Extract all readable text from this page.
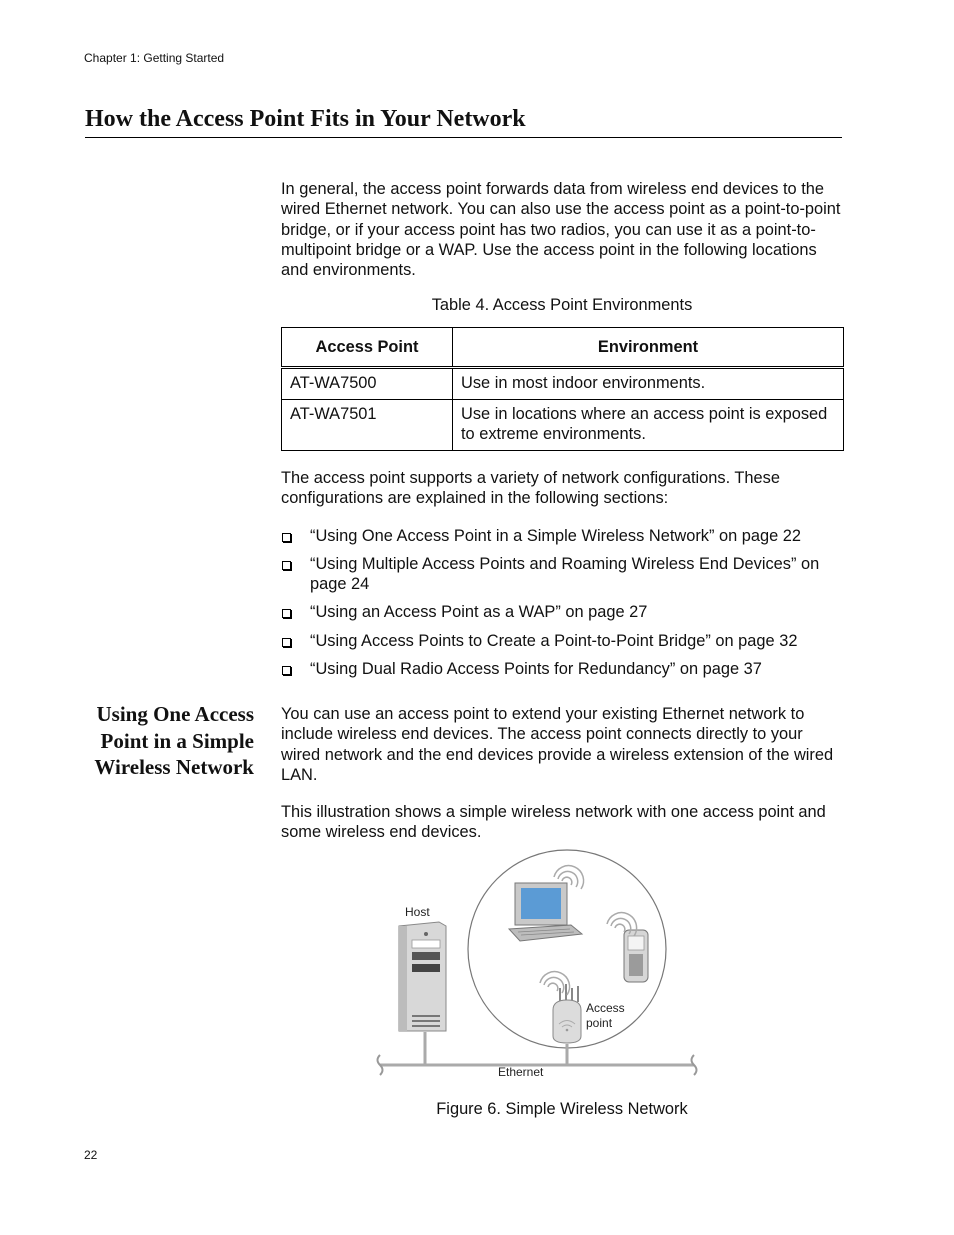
Chapter 1: Getting Started
How the Access Point Fits in Your Network

In general, the access point forwards data from wireless end devices to the wired Ethernet network. You can also use the access point as a point-to-point bridge, or if your access point has two radios, you can use it as a point-to-multipoint bridge or a WAP. Use the access point in the following locations and environments.

Table 4. Access Point Environments
Access Point	Environment
AT-WA7500	Use in most indoor environments.
AT-WA7501	Use in locations where an access point is exposed to extreme environments.

The access point supports a variety of network configurations. These configurations are explained in the following sections:

“Using One Access Point in a Simple Wireless Network” on page 22
“Using Multiple Access Points and Roaming Wireless End Devices” on page 24
“Using an Access Point as a WAP” on page 27
“Using Access Points to Create a Point-to-Point Bridge” on page 32
“Using Dual Radio Access Points for Redundancy” on page 37
Using One Access Point in a Simple Wireless Network

You can use an access point to extend your existing Ethernet network to include wireless end devices. The access point connects directly to your wired network and the end devices provide a wireless extension of the wired LAN.

This illustration shows a simple wireless network with one access point and some wireless end devices.

Host
Access
point
Ethernet
Figure 6. Simple Wireless Network
22
